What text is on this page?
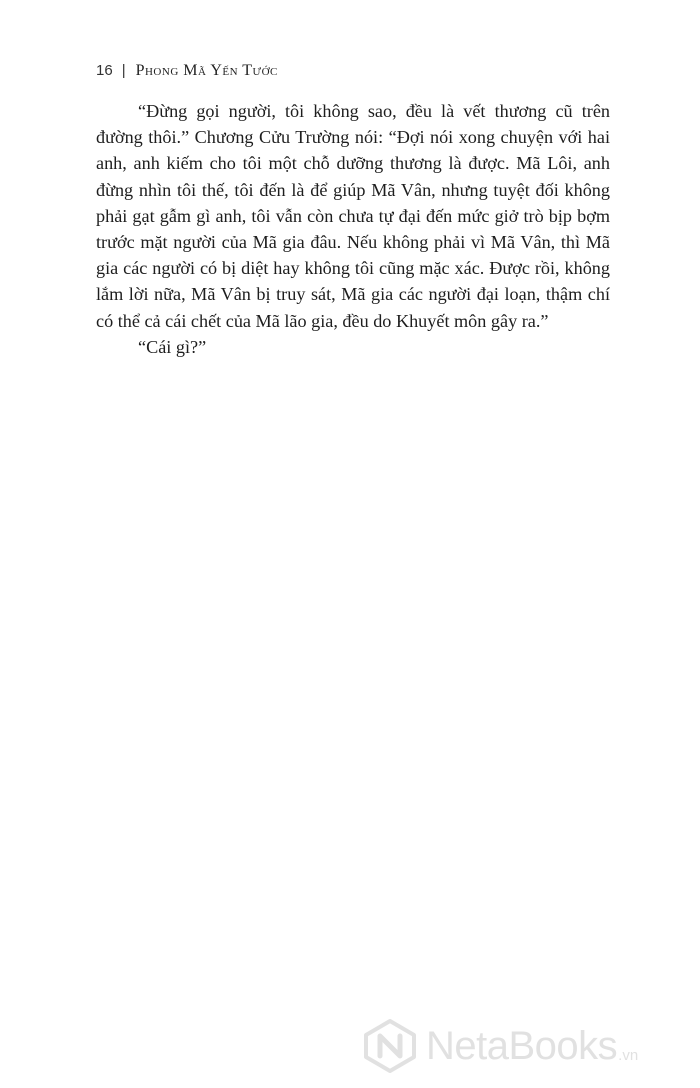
16 | Phong Mã Yến Tước

“Đừng gọi người, tôi không sao, đều là vết thương cũ trên đường thôi.” Chương Cửu Trường nói: “Đợi nói xong chuyện với hai anh, anh kiếm cho tôi một chỗ dưỡng thương là được. Mã Lôi, anh đừng nhìn tôi thế, tôi đến là để giúp Mã Vân, nhưng tuyệt đối không phải gạt gẫm gì anh, tôi vẫn còn chưa tự đại đến mức giở trò bịp bợm trước mặt người của Mã gia đâu. Nếu không phải vì Mã Vân, thì Mã gia các người có bị diệt hay không tôi cũng mặc xác. Được rồi, không lắm lời nữa, Mã Vân bị truy sát, Mã gia các người đại loạn, thậm chí có thể cả cái chết của Mã lão gia, đều do Khuyết môn gây ra.”

“Cái gì?”

NetaBooks .vn
